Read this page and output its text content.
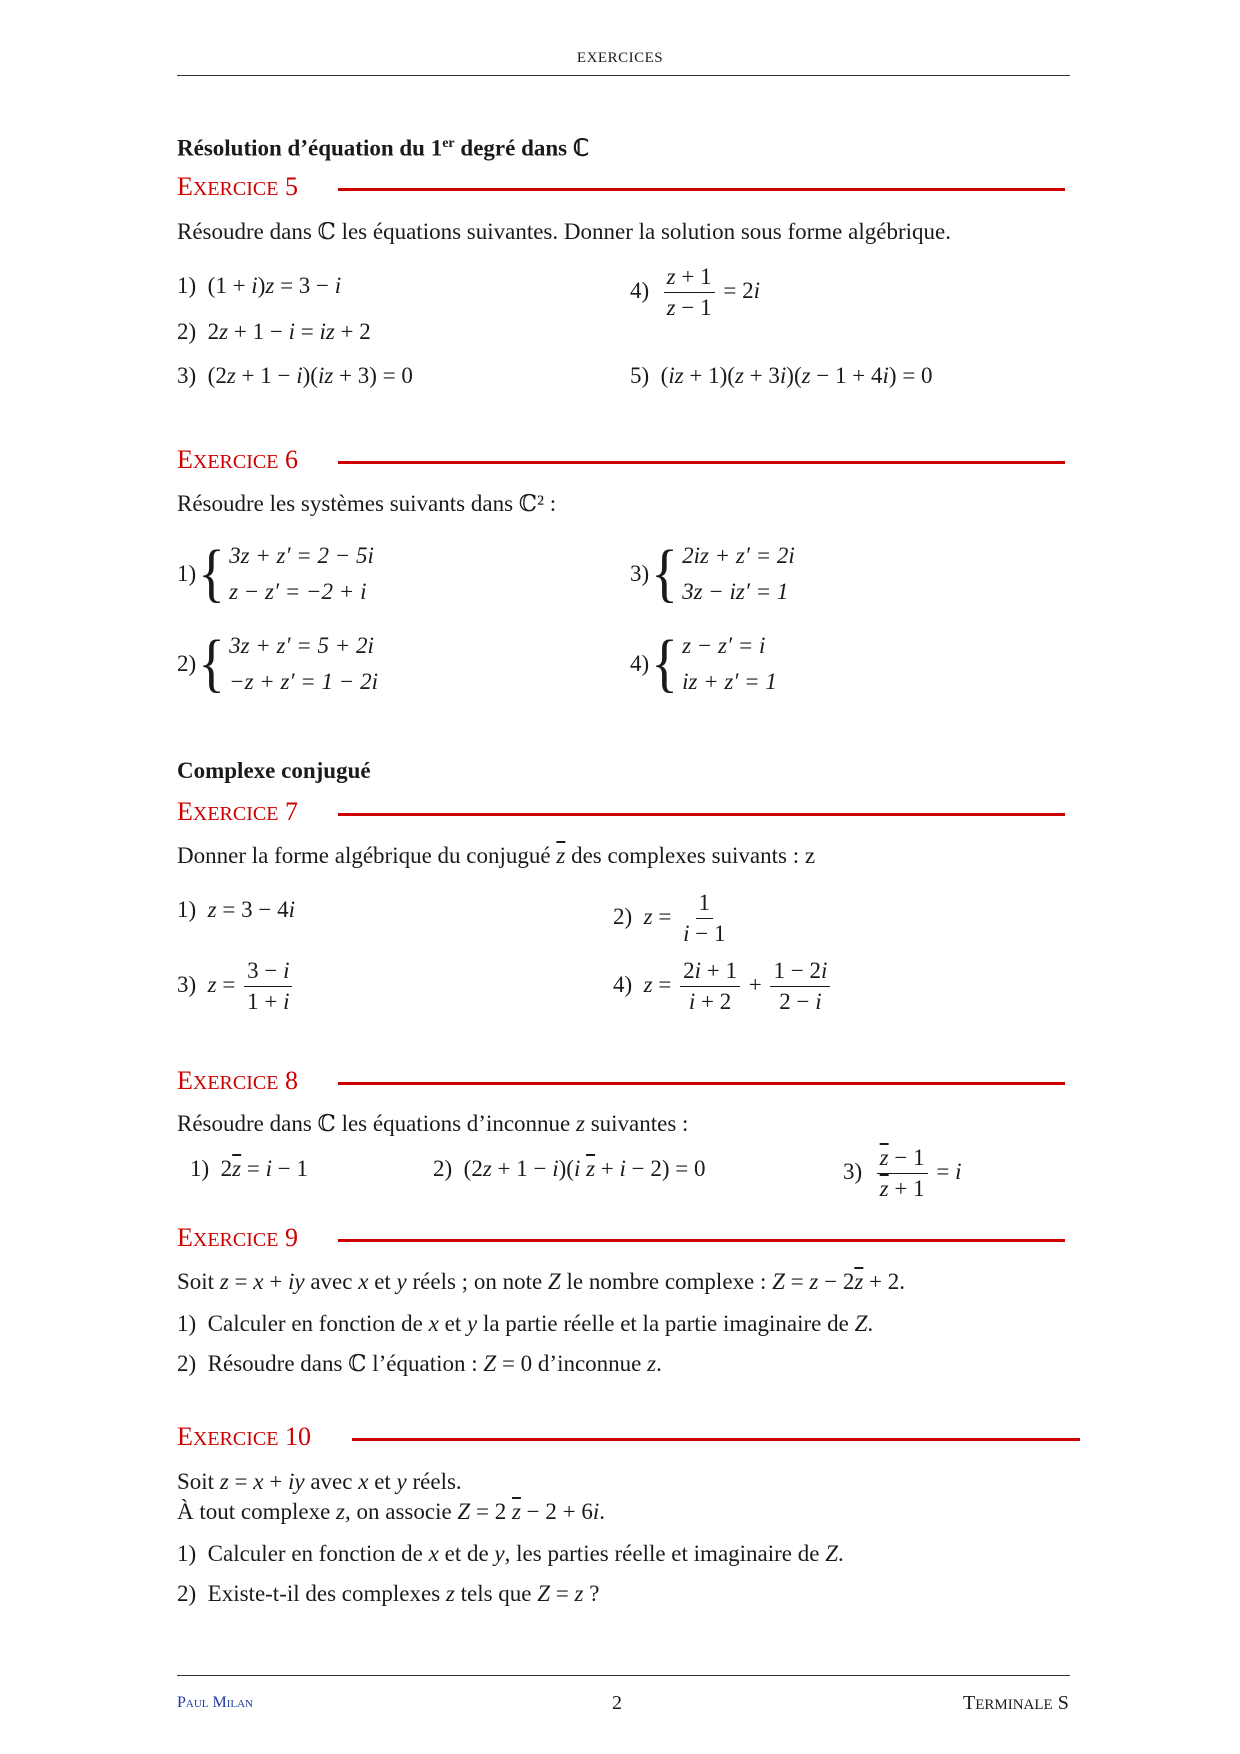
EXERCICES
Résolution d’équation du 1er degré dans ℂ
EXERCICE 5
Résoudre dans ℂ les équations suivantes. Donner la solution sous forme algébrique.
1)  (1 + i)z = 3 − i
2)  2z + 1 − i = iz + 2
3)  (2z + 1 − i)(iz + 3) = 0
$4) \frac{z + 1}{z - 1} = 2i$
5)  (iz + 1)(z + 3i)(z − 1 + 4i) = 0
EXERCICE 6
Résoudre les systèmes suivants dans ℂ² :
1) { 3z + z′ = 2 − 5i
z − z′ = −2 + i
2) { 3z + z′ = 5 + 2i
−z + z′ = 1 − 2i
3) { 2iz + z′ = 2i
3z − iz′ = 1
4) { z − z′ = i
iz + z′ = 1
Complexe conjugué
EXERCICE 7
Donner la forme algébrique du conjugué $\overline{z}$ des complexes suivants : z
1)  z = 3 − 4i	2)  $z = \frac{1}{i - 1}$
3)  $z = \frac{3 - i}{1 + i}$	4)  $z = \frac{2i + 1}{i + 2} + \frac{1 - 2i}{2 - i}$
EXERCICE 8
Résoudre dans ℂ les équations d’inconnue z suivantes :
1)  $2\overline{z} = i - 1$	2)  (2z + 1 − i)(i $\overline{z} + i - 2) = 0$	$3) \frac{\overline{z} - 1}{\overline{z} + 1} = i$
EXERCICE 9
Soit z = x + iy avec x et y réels ; on note Z le nombre complexe : $Z = z - 2\overline{z} + 2$.
1)  Calculer en fonction de x et y la partie réelle et la partie imaginaire de Z.
2)  Résoudre dans ℂ l’équation : Z = 0 d’inconnue z.
EXERCICE 10
Soit z = x + iy avec x et y réels.
À tout complexe z, on associe Z = 2 $\overline{z} - 2 + 6i$.
1)  Calculer en fonction de x et de y, les parties réelle et imaginaire de Z.
2)  Existe-t-il des complexes z tels que Z = z ?
Paul Milan	2	TERMINALE S
